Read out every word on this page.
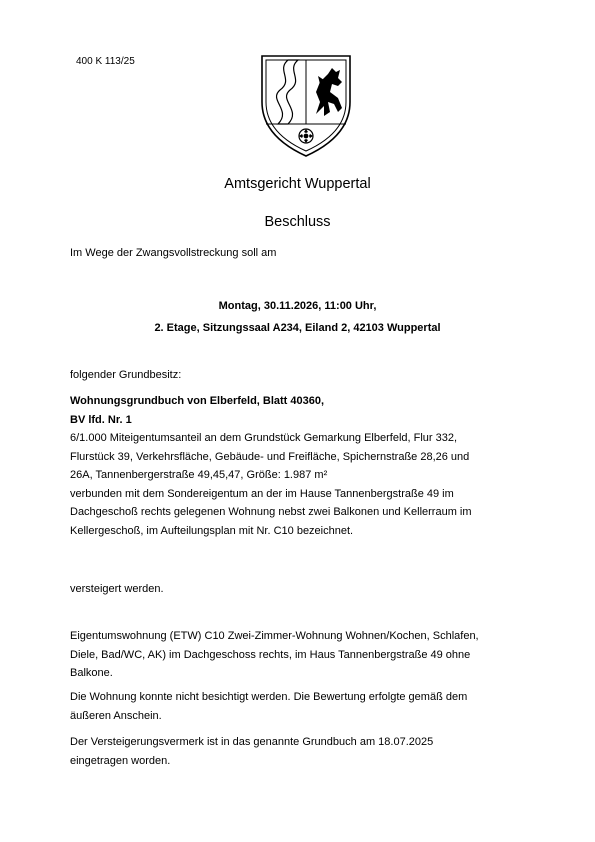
400 K 113/25
Amtsgericht Wuppertal
Beschluss
Im Wege der Zwangsvollstreckung soll am
Montag, 30.11.2026, 11:00 Uhr,
2. Etage, Sitzungssaal A234, Eiland 2, 42103 Wuppertal
folgender Grundbesitz:
Wohnungsgrundbuch von Elberfeld, Blatt 40360,
BV lfd. Nr. 1
6/1.000 Miteigentumsanteil an dem Grundstück Gemarkung Elberfeld, Flur 332,
Flurstück 39, Verkehrsfläche, Gebäude- und Freifläche, Spichernstraße 28,26 und
26A, Tannenbergerstraße 49,45,47, Größe: 1.987 m²
verbunden mit dem Sondereigentum an der im Hause Tannenbergstraße 49 im
Dachgeschoß rechts gelegenen Wohnung nebst zwei Balkonen und Kellerraum im
Kellergeschoß, im Aufteilungsplan mit Nr. C10 bezeichnet.
versteigert werden.
Eigentumswohnung (ETW) C10 Zwei-Zimmer-Wohnung Wohnen/Kochen, Schlafen,
Diele, Bad/WC, AK) im Dachgeschoss rechts, im Haus Tannenbergstraße 49 ohne
Balkone.
Die Wohnung konnte nicht besichtigt werden. Die Bewertung erfolgte gemäß dem
äußeren Anschein.
Der Versteigerungsvermerk ist in das genannte Grundbuch am 18.07.2025
eingetragen worden.
